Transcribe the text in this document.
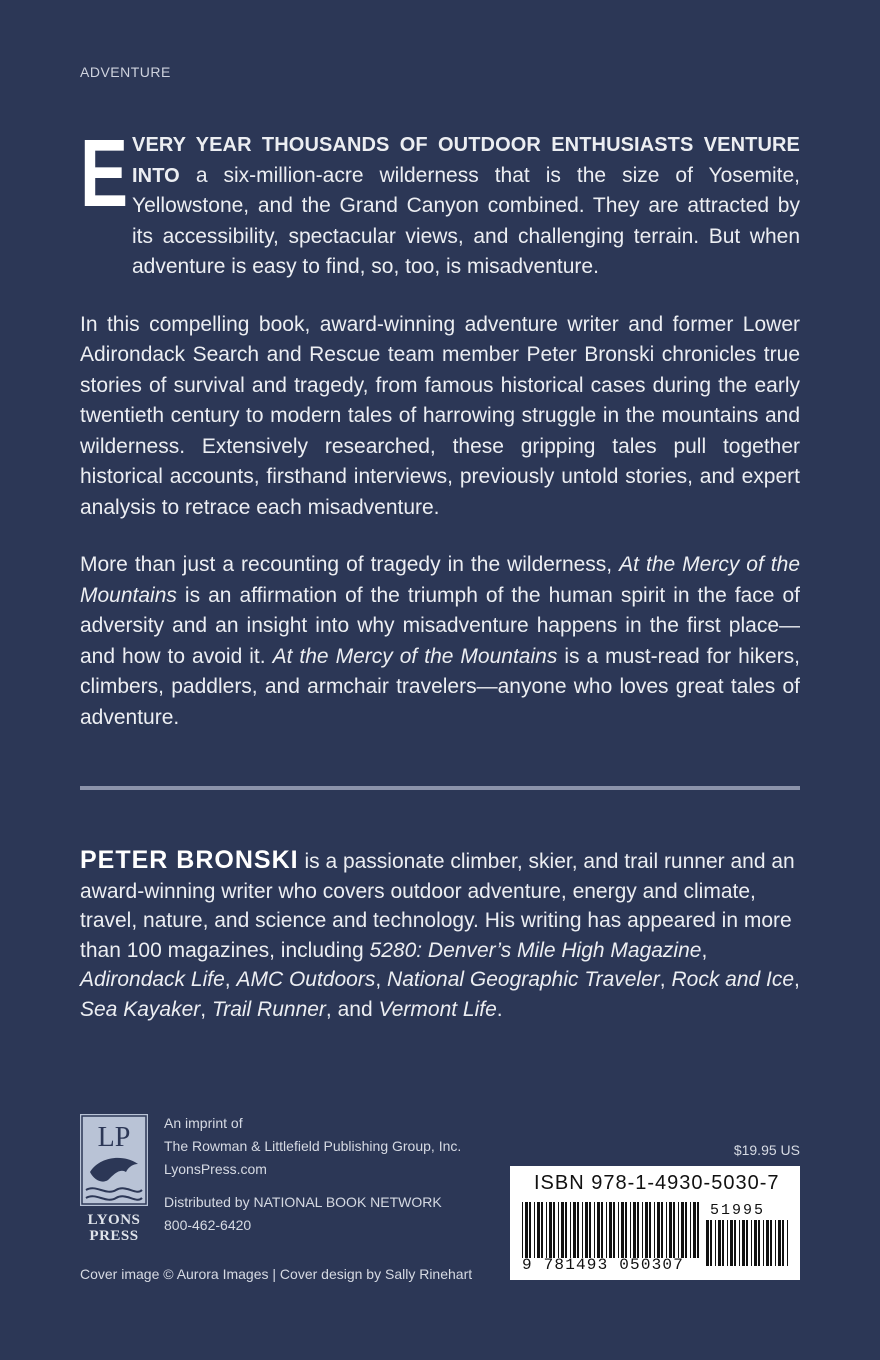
ADVENTURE

E VERY YEAR THOUSANDS OF OUTDOOR ENTHUSIASTS VENTURE INTO a six-million-acre wilderness that is the size of Yosemite, Yellowstone, and the Grand Canyon combined. They are attracted by its accessibility, spectacular views, and challenging terrain. But when adventure is easy to find, so, too, is misadventure.

In this compelling book, award-winning adventure writer and former Lower Adirondack Search and Rescue team member Peter Bronski chronicles true stories of survival and tragedy, from famous historical cases during the early twentieth century to modern tales of harrowing struggle in the mountains and wilderness. Extensively researched, these gripping tales pull together historical accounts, firsthand interviews, previously untold stories, and expert analysis to retrace each misadventure.

More than just a recounting of tragedy in the wilderness, At the Mercy of the Mountains is an affirmation of the triumph of the human spirit in the face of adversity and an insight into why misadventure happens in the first place—and how to avoid it. At the Mercy of the Mountains is a must-read for hikers, climbers, paddlers, and armchair travelers—anyone who loves great tales of adventure.

PETER BRONSKI is a passionate climber, skier, and trail runner and an award-winning writer who covers outdoor adventure, energy and climate, travel, nature, and science and technology. His writing has appeared in more than 100 magazines, including 5280: Denver’s Mile High Magazine, Adirondack Life, AMC Outdoors, National Geographic Traveler, Rock and Ice, Sea Kayaker, Trail Runner, and Vermont Life.
LP
LYONS
PRESS
An imprint of
The Rowman & Littlefield Publishing Group, Inc.
LyonsPress.com
Distributed by NATIONAL BOOK NETWORK
800-462-6420
$19.95 US
ISBN 978-1-4930-5030-7
51995
9 781493 050307
Cover image © Aurora Images | Cover design by Sally Rinehart
